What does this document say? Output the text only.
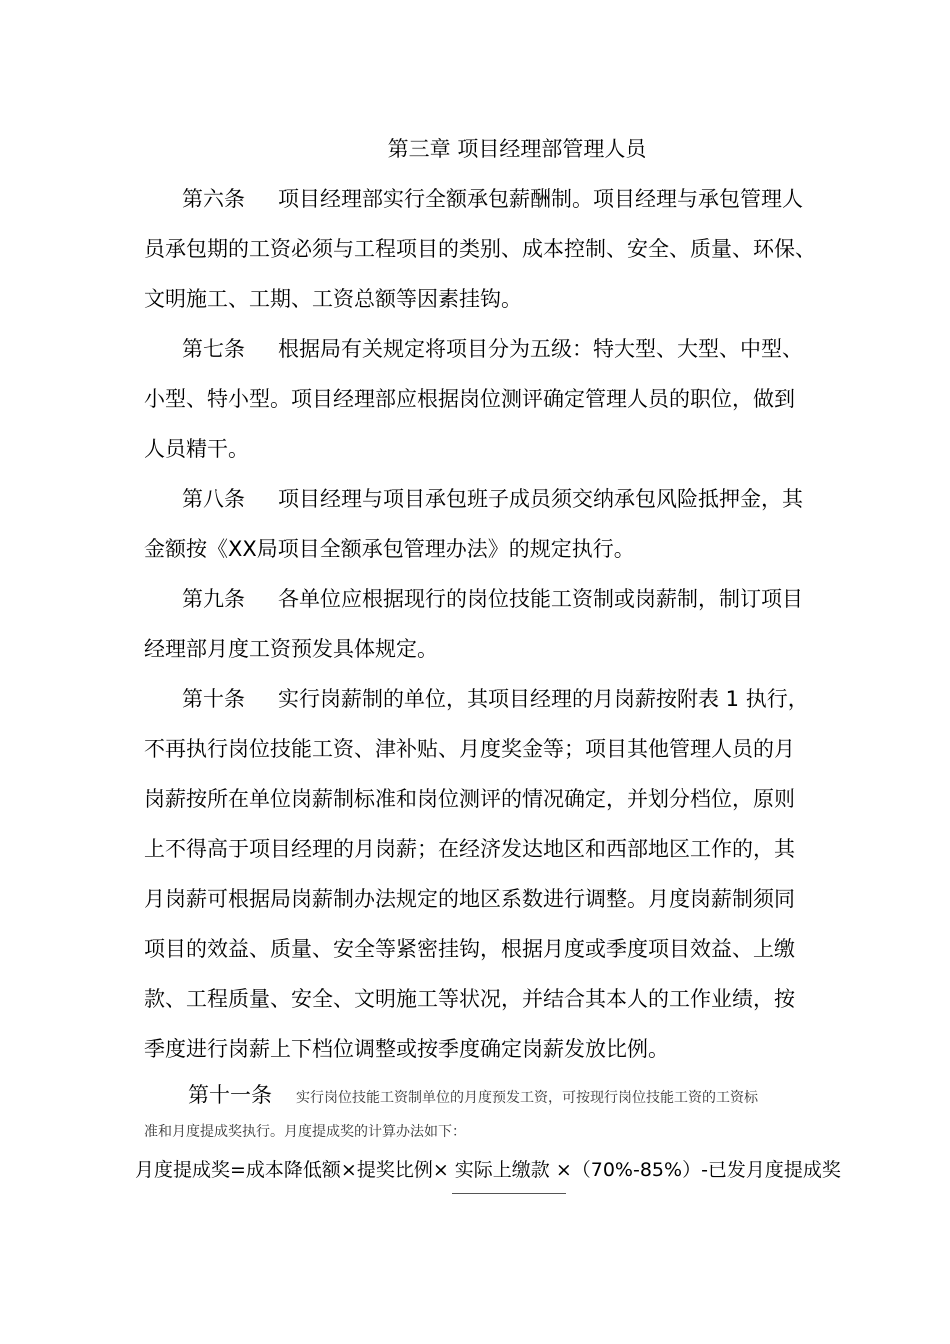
第三章 项目经理部管理人员
第六条 项目经理部实行全额承包薪酬制。项目经理与承包管理人
员承包期的工资必须与工程项目的类别、成本控制、安全、质量、环保、
文明施工、工期、工资总额等因素挂钩。
第七条 根据局有关规定将项目分为五级：特大型、大型、中型、
小型、特小型。项目经理部应根据岗位测评确定管理人员的职位，做到
人员精干。
第八条 项目经理与项目承包班子成员须交纳承包风险抵押金，其
金额按《XX局项目全额承包管理办法》的规定执行。
第九条 各单位应根据现行的岗位技能工资制或岗薪制，制订项目
经理部月度工资预发具体规定。
第十条 实行岗薪制的单位，其项目经理的月岗薪按附表 1 执行，
不再执行岗位技能工资、津补贴、月度奖金等；项目其他管理人员的月
岗薪按所在单位岗薪制标准和岗位测评的情况确定，并划分档位，原则
上不得高于项目经理的月岗薪；在经济发达地区和西部地区工作的，其
月岗薪可根据局岗薪制办法规定的地区系数进行调整。月度岗薪制须同
项目的效益、质量、安全等紧密挂钩，根据月度或季度项目效益、上缴
款、工程质量、安全、文明施工等状况，并结合其本人的工作业绩，按
季度进行岗薪上下档位调整或按季度确定岗薪发放比例。
第十一条 实行岗位技能工资制单位的月度预发工资，可按现行岗位技能工资的工资标
准和月度提成奖执行。月度提成奖的计算办法如下：
月度提成奖=成本降低额×提奖比例× 实际上缴款 ×（70%-85%）-已发月度提成奖
